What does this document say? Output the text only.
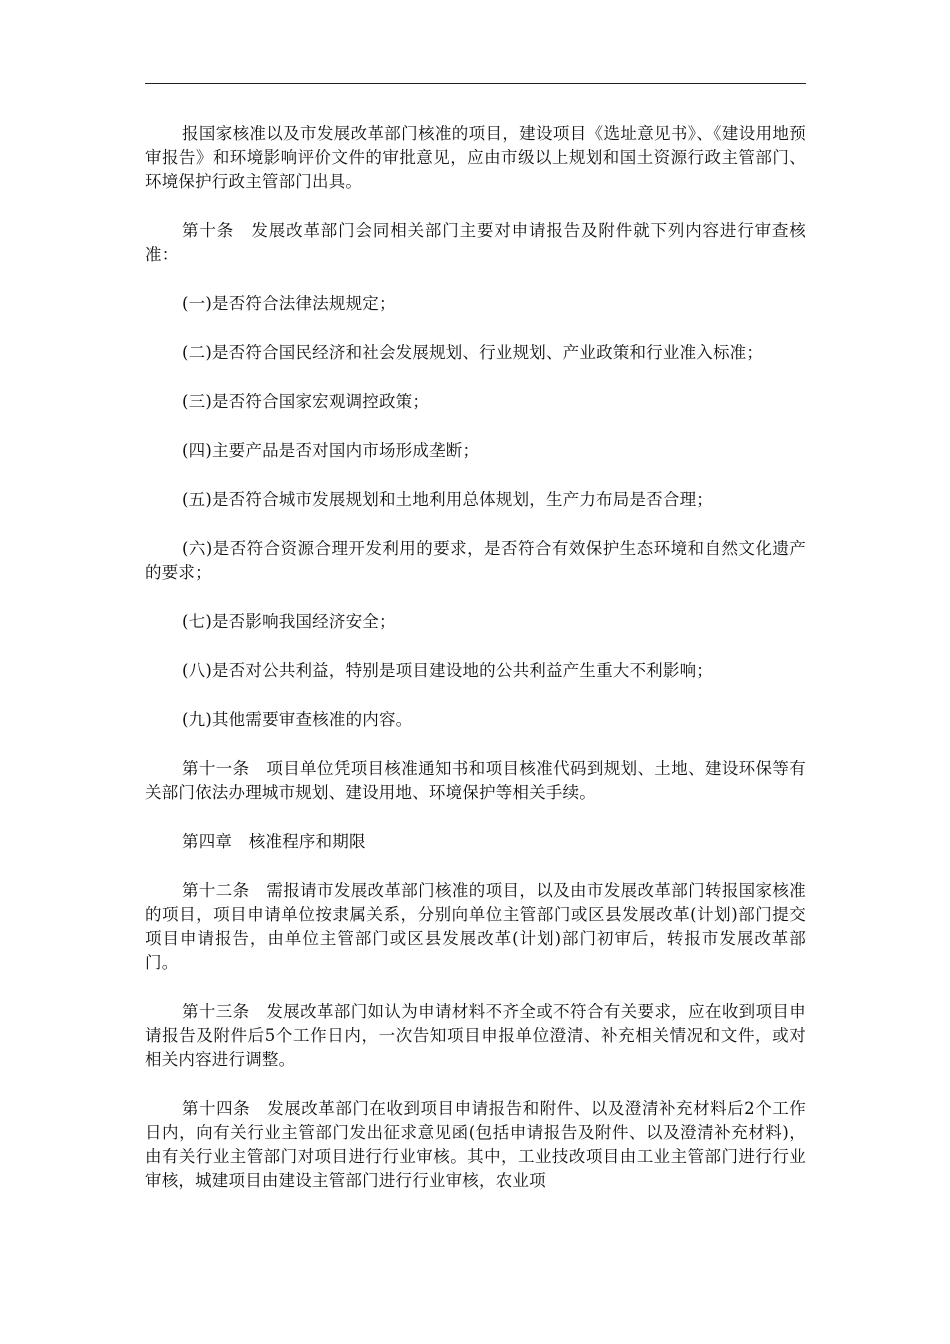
报国家核准以及市发展改革部门核准的项目，建设项目《选址意见书》、《建设用地预审报告》和环境影响评价文件的审批意见，应由市级以上规划和国土资源行政主管部门、环境保护行政主管部门出具。

第十条　发展改革部门会同相关部门主要对申请报告及附件就下列内容进行审查核准：

(一)是否符合法律法规规定；

(二)是否符合国民经济和社会发展规划、行业规划、产业政策和行业准入标准；

(三)是否符合国家宏观调控政策；

(四)主要产品是否对国内市场形成垄断；

(五)是否符合城市发展规划和土地利用总体规划，生产力布局是否合理；

(六)是否符合资源合理开发利用的要求，是否符合有效保护生态环境和自然文化遗产的要求；

(七)是否影响我国经济安全；

(八)是否对公共利益，特别是项目建设地的公共利益产生重大不利影响；

(九)其他需要审查核准的内容。

第十一条　项目单位凭项目核准通知书和项目核准代码到规划、土地、建设环保等有关部门依法办理城市规划、建设用地、环境保护等相关手续。

第四章　核准程序和期限

第十二条　需报请市发展改革部门核准的项目，以及由市发展改革部门转报国家核准的项目，项目申请单位按隶属关系，分别向单位主管部门或区县发展改革(计划)部门提交项目申请报告，由单位主管部门或区县发展改革(计划)部门初审后，转报市发展改革部门。

第十三条　发展改革部门如认为申请材料不齐全或不符合有关要求，应在收到项目申请报告及附件后5个工作日内，一次告知项目申报单位澄清、补充相关情况和文件，或对相关内容进行调整。

第十四条　发展改革部门在收到项目申请报告和附件、以及澄清补充材料后2个工作日内，向有关行业主管部门发出征求意见函(包括申请报告及附件、以及澄清补充材料)，由有关行业主管部门对项目进行行业审核。其中，工业技改项目由工业主管部门进行行业审核，城建项目由建设主管部门进行行业审核，农业项
